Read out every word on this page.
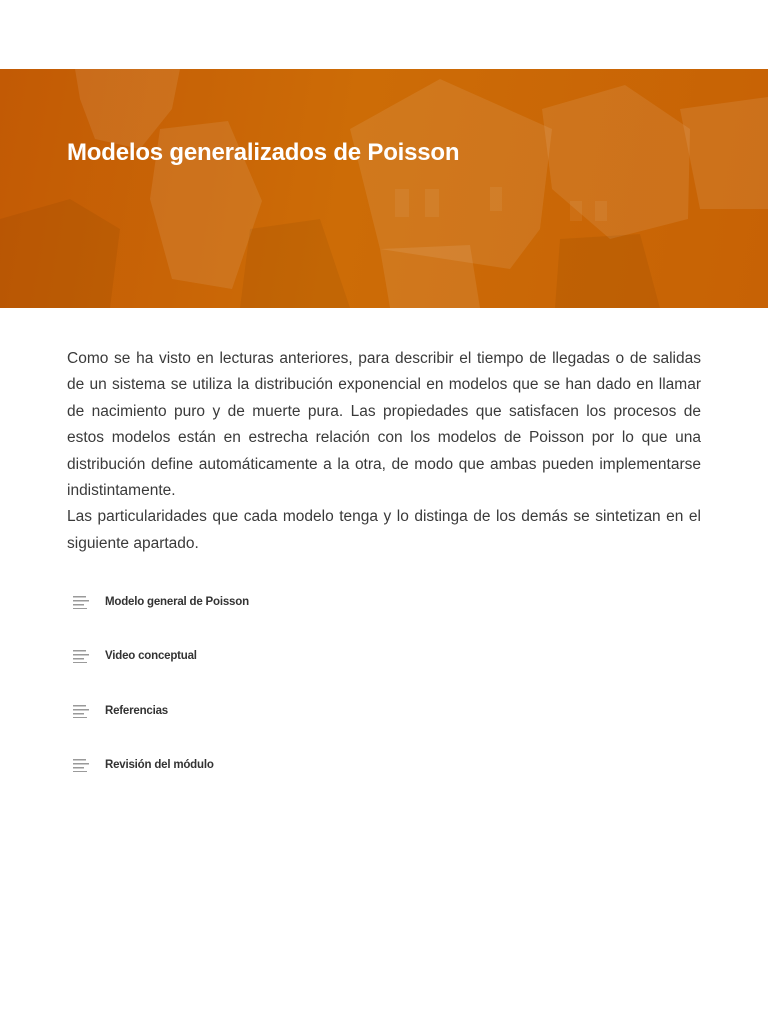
Modelos generalizados de Poisson

Como se ha visto en lecturas anteriores, para describir el tiempo de llegadas o de salidas de un sistema se utiliza la distribución exponencial en modelos que se han dado en llamar de nacimiento puro y de muerte pura. Las propiedades que satisfacen los procesos de estos modelos están en estrecha relación con los modelos de Poisson por lo que una distribución define automáticamente a la otra, de modo que ambas pueden implementarse indistintamente.

Las particularidades que cada modelo tenga y lo distinga de los demás se sintetizan en el siguiente apartado.

Modelo general de Poisson
Video conceptual
Referencias
Revisión del módulo
